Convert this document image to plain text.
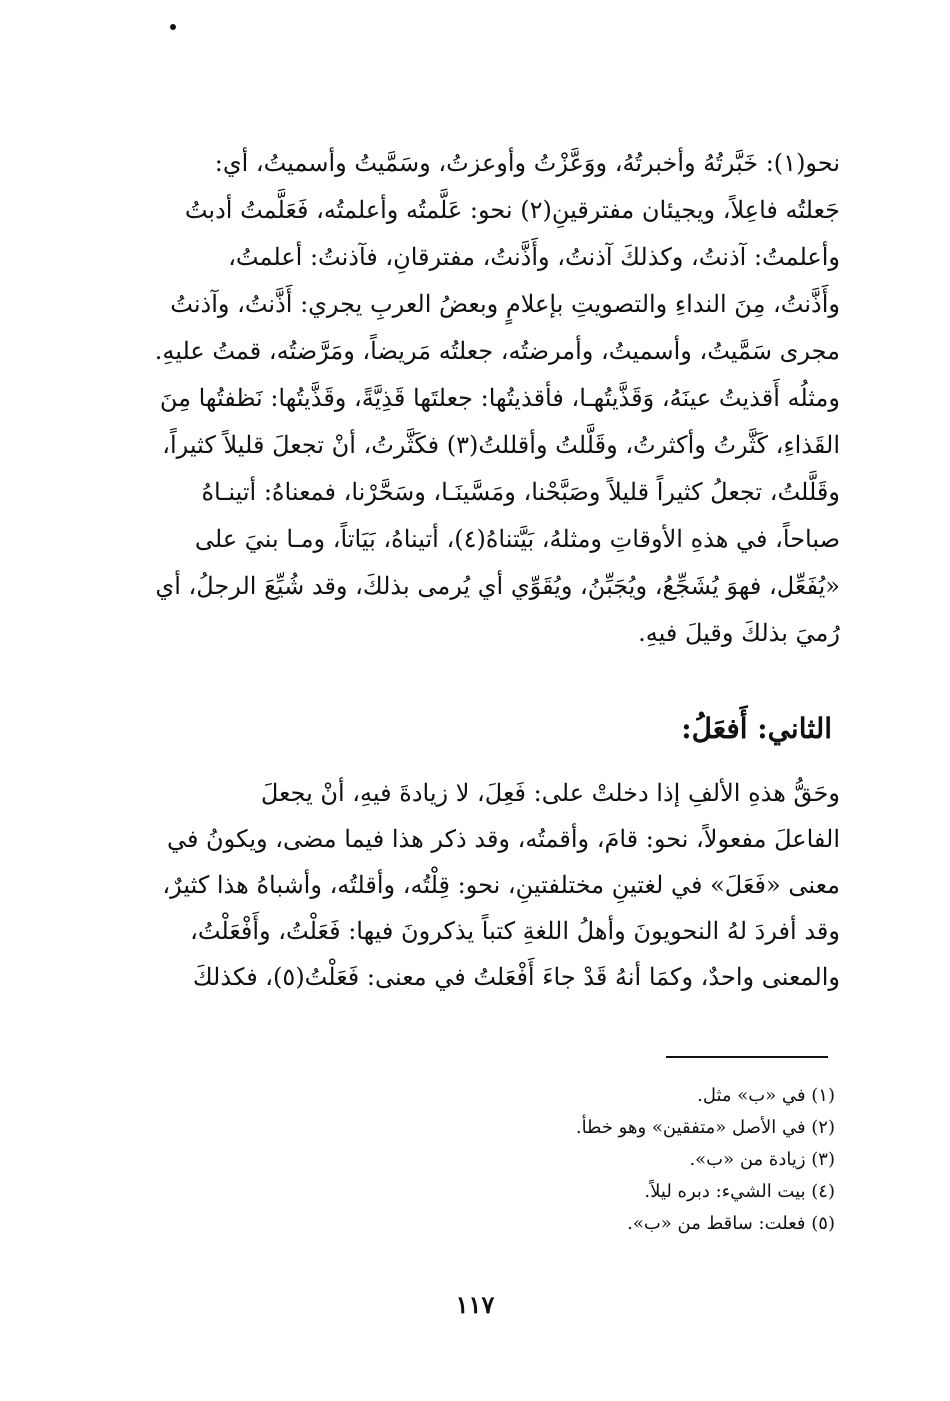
نحو(١): خَبَّرتُهُ وأخبرتُهُ، ووَعَّزْتُ وأوعزتُ، وسَمَّيتُ وأسميتُ، أي:
جَعلتُه فاعِلاً، ويجيئان مفترقينِ(٢) نحو: عَلَّمتُه وأعلمتُه، فَعَلَّمتُ أدبتُ
وأعلمتُ: آذنتُ، وكذلكَ آذنتُ، وأَذَّنتُ، مفترقانِ، فآذنتُ: أعلمتُ،
وأَذَّنتُ، مِنَ النداءِ والتصويتِ بإعلامٍ وبعضُ العربِ يجري: أَذَّنتُ، وآذنتُ
مجرى سَمَّيتُ، وأسميتُ، وأمرضتُه، جعلتُه مَريضاً، ومَرَّضتُه، قمتُ عليهِ.
ومثلُه أَقذيتُ عينَهُ، وَقَذَّيتُهـا، فأقذيتُها: جعلتَها قَذِيَّةً، وقَذَّيتُها: نَظفتُها مِنَ
القَذاءِ، كَثَّرتُ وأكثرتُ، وقَلَّلتُ وأقللتُ(٣) فكَثَّرتُ، أنْ تجعلَ قليلاً كثيراً،
وقَلَّلتُ، تجعلُ كثيراً قليلاً وصَبَّحْنا، ومَسَّينَـا، وسَحَّرْنا، فمعناهُ: أتينـاهُ
صباحاً، في هذهِ الأوقاتِ ومثلهُ، بَيَّتناهُ(٤)، أتيناهُ، بَيَاتاً، ومـا بنيَ على
«يُفَعِّل، فهوَ يُشَجِّعُ، ويُجَبِّنُ، ويُقَوِّي أي يُرمى بذلكَ، وقد شُيِّعَ الرجلُ، أي
رُميَ بذلكَ وقيلَ فيهِ.
الثاني: أَفعَلُ:
وحَقُّ هذهِ الألفِ إذا دخلتْ على: فَعِلَ، لا زيادةَ فيهِ، أنْ يجعلَ
الفاعلَ مفعولاً، نحو: قامَ، وأقمتُه، وقد ذكر هذا فيما مضى، ويكونُ في
معنى «فَعَلَ» في لغتينِ مختلفتينِ، نحو: قِلْتُه، وأقلتُه، وأشباهُ هذا كثيرٌ،
وقد أفردَ لهُ النحويونَ وأهلُ اللغةِ كتباً يذكرونَ فيها: فَعَلْتُ، وأَفْعَلْتُ،
والمعنى واحدٌ، وكمَا أنهُ قَدْ جاءَ أَفْعَلتُ في معنى: فَعَلْتُ(٥)، فكذلكَ
(١) في «ب» مثل.
(٢) في الأصل «متفقين» وهو خطأ.
(٣) زيادة من «ب».
(٤) بيت الشيء: دبره ليلاً.
(٥) فعلت: ساقط من «ب».
١١٧
